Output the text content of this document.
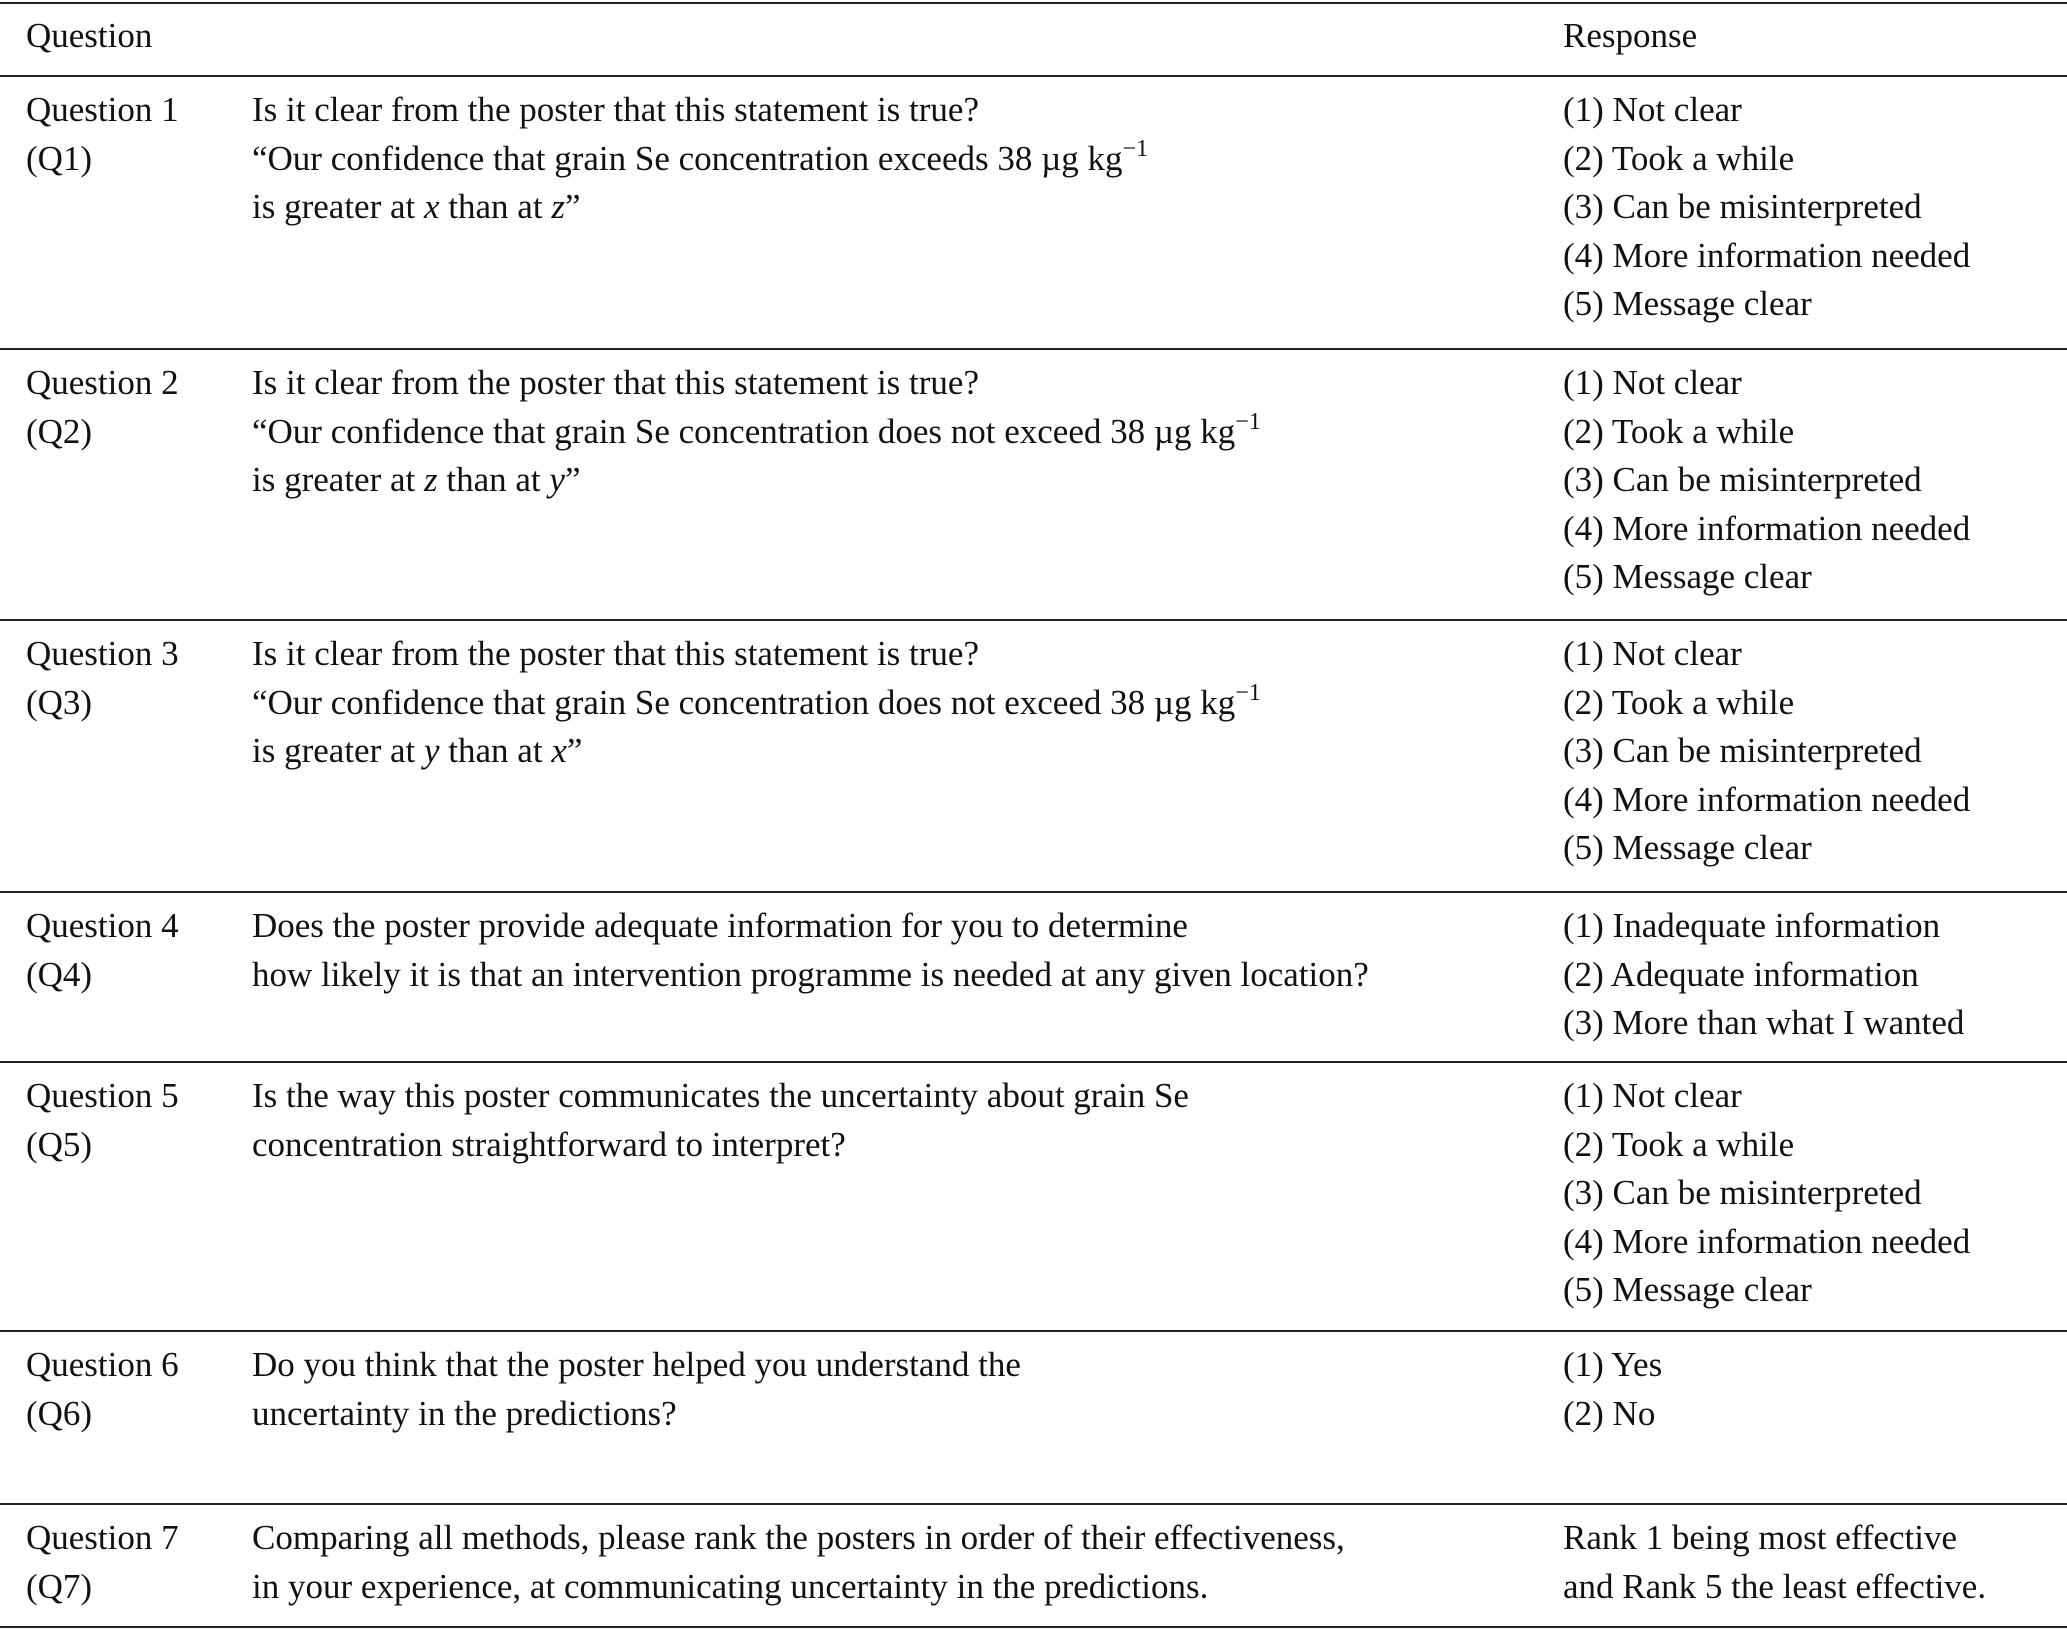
Question	Response
Question 1
(Q1)
Is it clear from the poster that this statement is true?
“Our confidence that grain Se concentration exceeds 38 µg $kg^{-1}$
is greater at x than at z”
(1) Not clear
(2) Took a while
(3) Can be misinterpreted
(4) More information needed
(5) Message clear
Question 2
(Q2)
Is it clear from the poster that this statement is true?
“Our confidence that grain Se concentration does not exceed 38 µg $kg^{-1}$
is greater at z than at y”
(1) Not clear
(2) Took a while
(3) Can be misinterpreted
(4) More information needed
(5) Message clear
Question 3
(Q3)
Is it clear from the poster that this statement is true?
“Our confidence that grain Se concentration does not exceed 38 µg $kg^{-1}$
is greater at y than at x”
(1) Not clear
(2) Took a while
(3) Can be misinterpreted
(4) More information needed
(5) Message clear
Question 4
(Q4)
Does the poster provide adequate information for you to determine
how likely it is that an intervention programme is needed at any given location?
(1) Inadequate information
(2) Adequate information
(3) More than what I wanted
Question 5
(Q5)
Is the way this poster communicates the uncertainty about grain Se
concentration straightforward to interpret?
(1) Not clear
(2) Took a while
(3) Can be misinterpreted
(4) More information needed
(5) Message clear
Question 6
(Q6)
Do you think that the poster helped you understand the
uncertainty in the predictions?
(1) Yes
(2) No
Question 7
(Q7)
Comparing all methods, please rank the posters in order of their effectiveness,
in your experience, at communicating uncertainty in the predictions.
Rank 1 being most effective
and Rank 5 the least effective.
